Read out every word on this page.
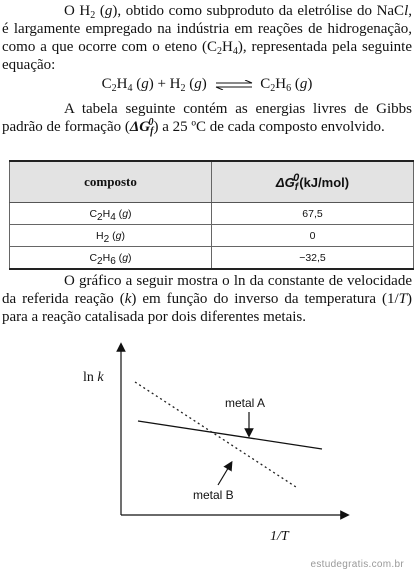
O $H_2$ (g), obtido como subproduto da eletrólise do NaCl, é largamente empregado na indústria em reações de hidrogenação, como a que ocorre com o eteno $(C_2H_4)$, representada pela seguinte equação:

$C_2H_4$ $(g) + H_2$ (g) ⇌ $C_2H_6$ (g)

A tabela seguinte contém as energias livres de Gibbs padrão de formação $(\Delta G_f^0)$ a 25 ºC de cada composto envolvido.

composto	$\Delta G_f^0(kJ/mol)$
$C_2H_4$ (g)	67,5
$H_2$ (g)	0
$C_2H_6$ (g)	−32,5

O gráfico a seguir mostra o ln da constante de velocidade da referida reação (k) em função do inverso da temperatura (1/T) para a reação catalisada por dois diferentes metais.

ln k
1/T
metal A
metal B
estudegratis.com.br
